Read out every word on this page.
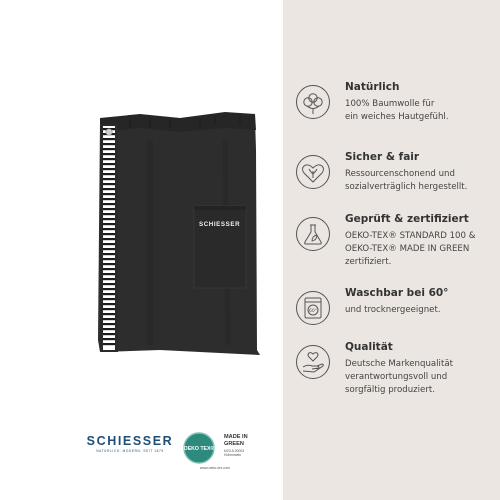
SCHIESSER
SCHIESSER
NATÜRLICH. MODERN. SEIT 1875	OEKO TEX®
MADE IN
GREEN
M23-5-00003
Hohenstein
www.oeko-tex.com
Natürlich
100% Baumwolle für
ein weiches Hautgefühl.
Sicher & fair
Ressourcenschonend und
sozialverträglich hergestellt.
Geprüft & zertifiziert
OEKO-TEX® STANDARD 100 &
OEKO-TEX® MADE IN GREEN
zertifiziert.
60°
Waschbar bei 60°
und trocknergeeignet.
Qualität
Deutsche Markenqualität
verantwortungsvoll und
sorgfältig produziert.
